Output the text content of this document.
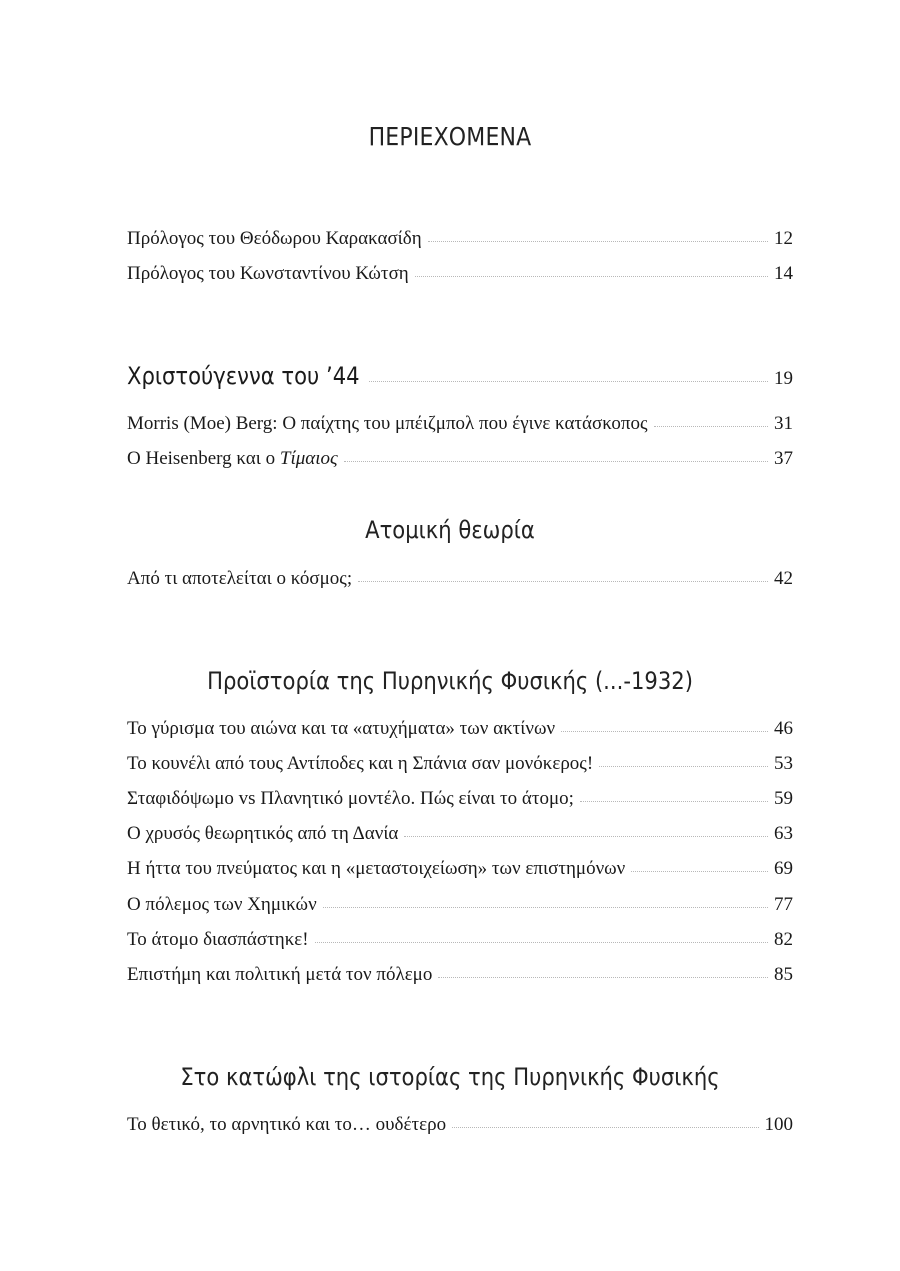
ΠΕΡΙΕΧΟΜΕΝΑ
Πρόλογος του Θεόδωρου Καρακασίδη	12
Πρόλογος του Κωνσταντίνου Κώτση	14
Χριστούγεννα του ’44	19
Morris (Moe) Berg: Ο παίχτης του μπέιζμπολ που έγινε κατάσκοπος	31
Ο Heisenberg και ο Τίμαιος	37
Ατομική θεωρία
Από τι αποτελείται ο κόσμος;	42
Προϊστορία της Πυρηνικής Φυσικής (...-1932)
Το γύρισμα του αιώνα και τα «ατυχήματα» των ακτίνων	46
Το κουνέλι από τους Αντίποδες και η Σπάνια σαν μονόκερος!	53
Σταφιδόψωμο vs Πλανητικό μοντέλο. Πώς είναι το άτομο;	59
Ο χρυσός θεωρητικός από τη Δανία	63
Η ήττα του πνεύματος και η «μεταστοιχείωση» των επιστημόνων	69
Ο πόλεμος των Χημικών	77
Το άτομο διασπάστηκε!	82
Επιστήμη και πολιτική μετά τον πόλεμο	85
Στο κατώφλι της ιστορίας της Πυρηνικής Φυσικής
Το θετικό, το αρνητικό και το… ουδέτερο	100
